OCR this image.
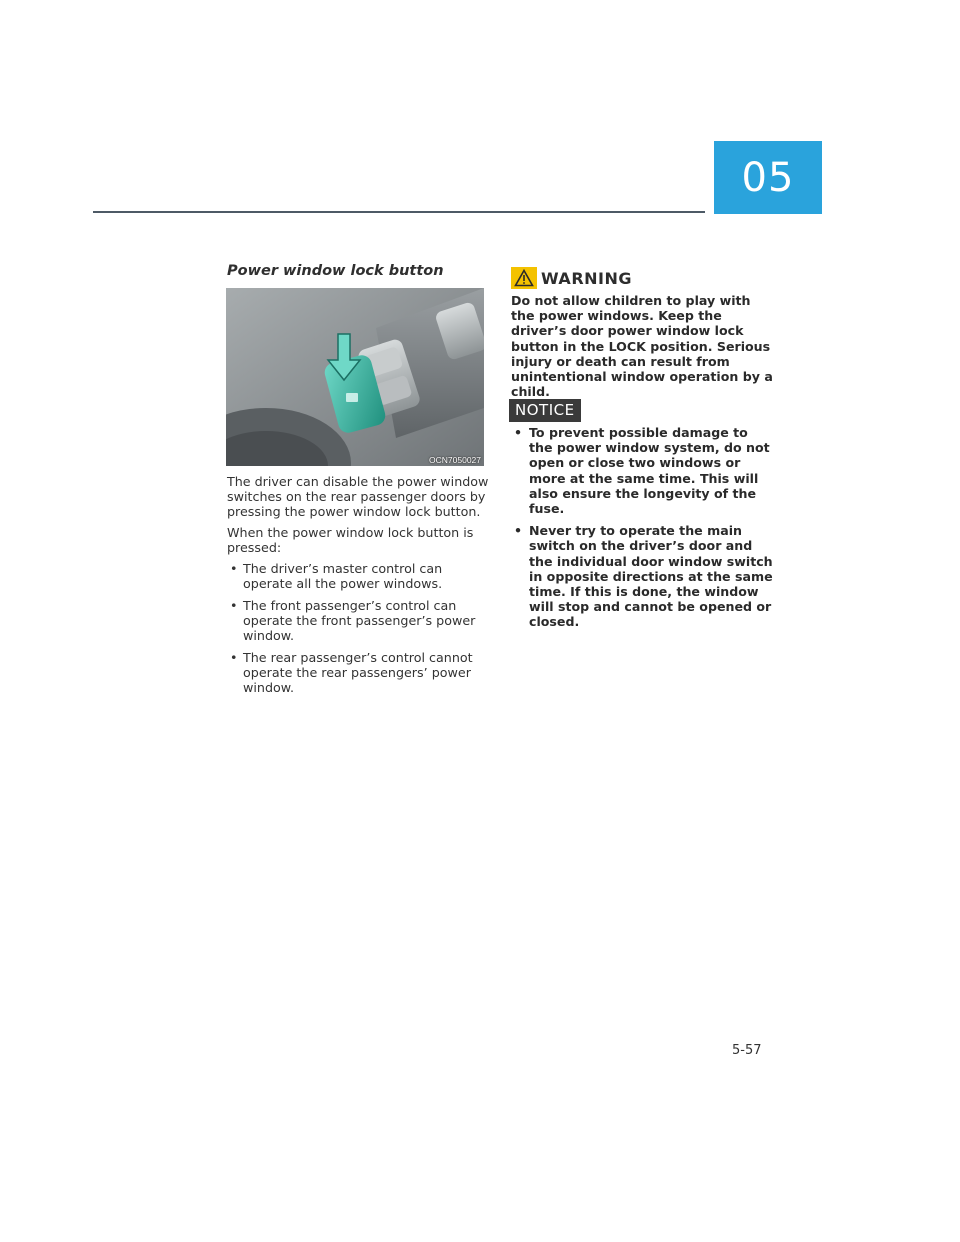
05
Power window lock button
OCN7050027

The driver can disable the power window switches on the rear passenger doors by pressing the power window lock button.

When the power window lock button is pressed:

• The driver’s master control can operate all the power windows.
• The front passenger’s control can operate the front passenger’s power window.
• The rear passenger’s control cannot operate the rear passengers’ power window.
WARNING
Do not allow children to play with the power windows. Keep the driver’s door power window lock button in the LOCK position. Serious injury or death can result from unintentional window operation by a child.
NOTICE
• To prevent possible damage to the power window system, do not open or close two windows or more at the same time. This will also ensure the longevity of the fuse.
• Never try to operate the main switch on the driver’s door and the individual door window switch in opposite directions at the same time. If this is done, the window will stop and cannot be opened or closed.
5-57
